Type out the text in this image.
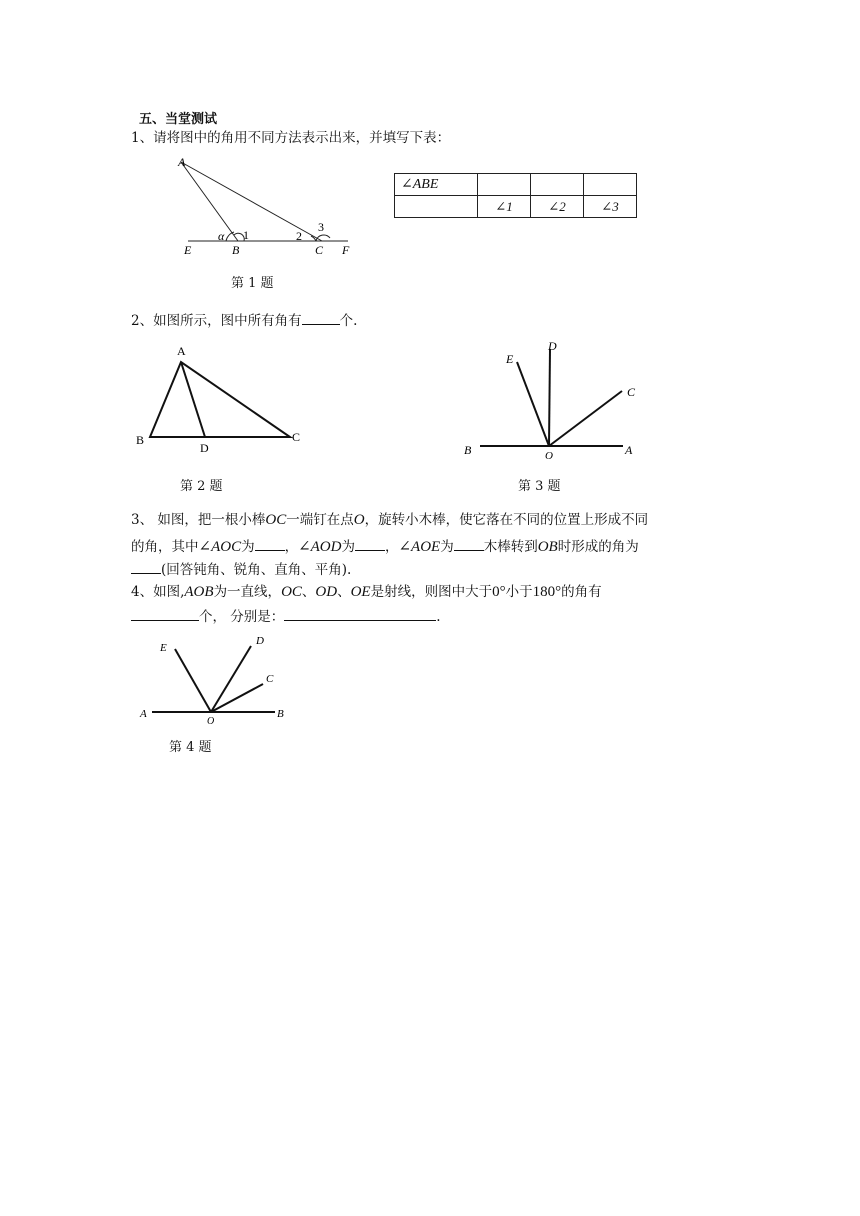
五、当堂测试
1、请将图中的角用不同方法表示出来，并填写下表：
A
E	B	C F
α 1	2
3
∠ABE			
	∠1	∠2	∠3
第 1 题
2、如图所示，图中所有角有	个.
A
B
D
C
第 2 题
E
D
C
B	O	A
第 3 题
3、 如图，把一根小棒OC一端钉在点O，旋转小木棒，使它落在不同的位置上形成不同
的角，其中∠AOC为 ，∠AOD为 ，∠AOE为 木棒转到OB时形成的角为
(回答钝角、锐角、直角、平角).
4、如图,AOB为一直线，OC、OD、OE是射线，则图中大于0°小于180°的角有
个， 分别是：	.
E
D
C
A
O
B
第 4 题
